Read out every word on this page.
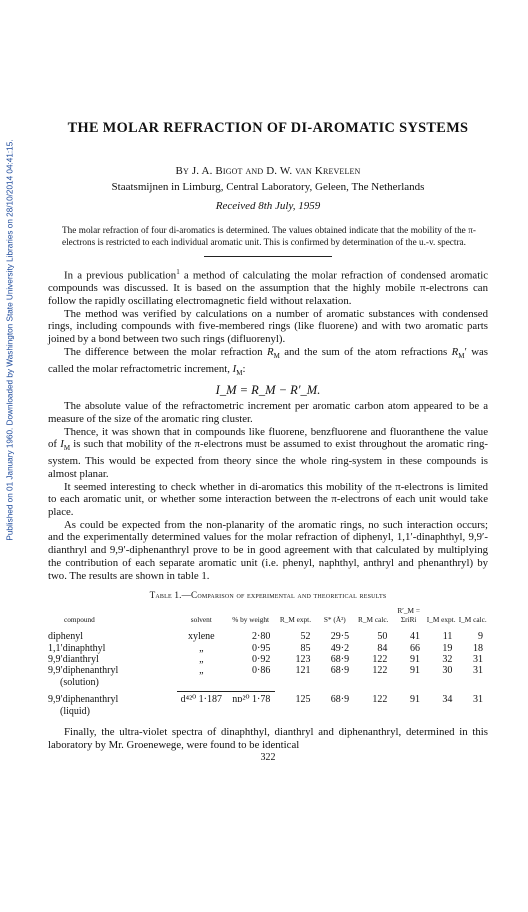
Published on 01 January 1960. Downloaded by Washington State University Libraries on 28/10/2014 04:41:15.
THE MOLAR REFRACTION OF DI-AROMATIC SYSTEMS
By J. A. Bigot and D. W. van Krevelen
Staatsmijnen in Limburg, Central Laboratory, Geleen, The Netherlands
Received 8th July, 1959
The molar refraction of four di-aromatics is determined. The values obtained indicate that the mobility of the π-electrons is restricted to each individual aromatic unit. This is confirmed by determination of the u.-v. spectra.

In a previous publication$^1$ a method of calculating the molar refraction of condensed aromatic compounds was discussed. It is based on the assumption that the highly mobile π-electrons can follow the rapidly oscillating electromagnetic field without relaxation.

The method was verified by calculations on a number of aromatic substances with condensed rings, including compounds with five-membered rings (like fluorene) and with two aromatic parts joined by a bond between two such rings (difluorenyl).

The difference between the molar refraction $R_M$ and the sum of the atom refractions $R_M'$ was called the molar refractometric increment, $I_M$:

I_M = R_M − R′_M.

The absolute value of the refractometric increment per aromatic carbon atom appeared to be a measure of the size of the aromatic ring cluster.

Thence, it was shown that in compounds like fluorene, benzfluorene and fluoranthene the value of $I_M$ is such that mobility of the π-electrons must be assumed to exist throughout the aromatic ring-system. This would be expected from theory since the whole ring-system in these compounds is almost planar.

It seemed interesting to check whether in di-aromatics this mobility of the π-electrons is limited to each aromatic unit, or whether some interaction between the π-electrons of each unit would take place.

As could be expected from the non-planarity of the aromatic rings, no such interaction occurs; and the experimentally determined values for the molar refraction of diphenyl, 1,1′-dinaphthyl, 9,9′-dianthryl and 9,9′-diphenanthryl prove to be in good agreement with that calculated by multiplying the contribution of each separate aromatic unit (i.e. phenyl, naphthyl, anthryl and phenanthryl) by two. The results are shown in table 1.

Table 1.—Comparison of experimental and theoretical results
compound	solvent	% by weight	R_M expt.	S* (Å²)	R_M calc.	R′_M = ΣriRi	I_M expt.	I_M calc.
diphenyl	xylene	2·80	52	29·5	50	41	11	9
1,1′dinaphthyl	„	0·95	85	49·2	84	66	19	18
9,9′dianthryl	„	0·92	123	68·9	122	91	32	31

9,9′diphenanthryl
(solution)	„	0·86	121	68·9	122	91	30	31

9,9′diphenanthryl
(liquid)	d⁴²⁰ 1·187	nᴅ²⁰ 1·78	125	68·9	122	91	34	31

Finally, the ultra-violet spectra of dinaphthyl, dianthryl and diphenanthryl, determined in this laboratory by Mr. Groenewege, were found to be identical

322
